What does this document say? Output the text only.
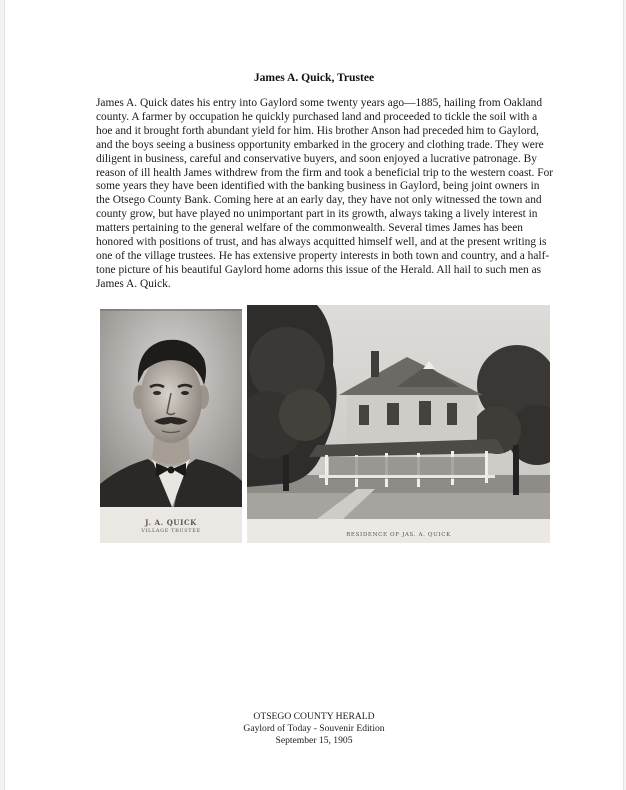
James A. Quick, Trustee
James A. Quick dates his entry into Gaylord some twenty years ago—1885, hailing from Oakland county. A farmer by occupation he quickly purchased land and proceeded to tickle the soil with a hoe and it brought forth abundant yield for him. His brother Anson had preceded him to Gaylord, and the boys seeing a business opportunity embarked in the grocery and clothing trade. They were diligent in business, careful and conservative buyers, and soon enjoyed a lucrative patronage. By reason of ill health James withdrew from the firm and took a beneficial trip to the western coast. For some years they have been identified with the banking business in Gaylord, being joint owners in the Otsego County Bank. Coming here at an early day, they have not only witnessed the town and county grow, but have played no unimportant part in its growth, always taking a lively interest in matters pertaining to the general welfare of the commonwealth. Several times James has been honored with positions of trust, and has always acquitted himself well, and at the present writing is one of the village trustees. He has extensive property interests in both town and country, and a half-tone picture of his beautiful Gaylord home adorns this issue of the Herald. All hail to such men as James A. Quick.
J. A. QUICK
VILLAGE TRUSTEE
RESIDENCE OF JAS. A. QUICK
OTSEGO COUNTY HERALD
Gaylord of Today - Souvenir Edition
September 15, 1905
